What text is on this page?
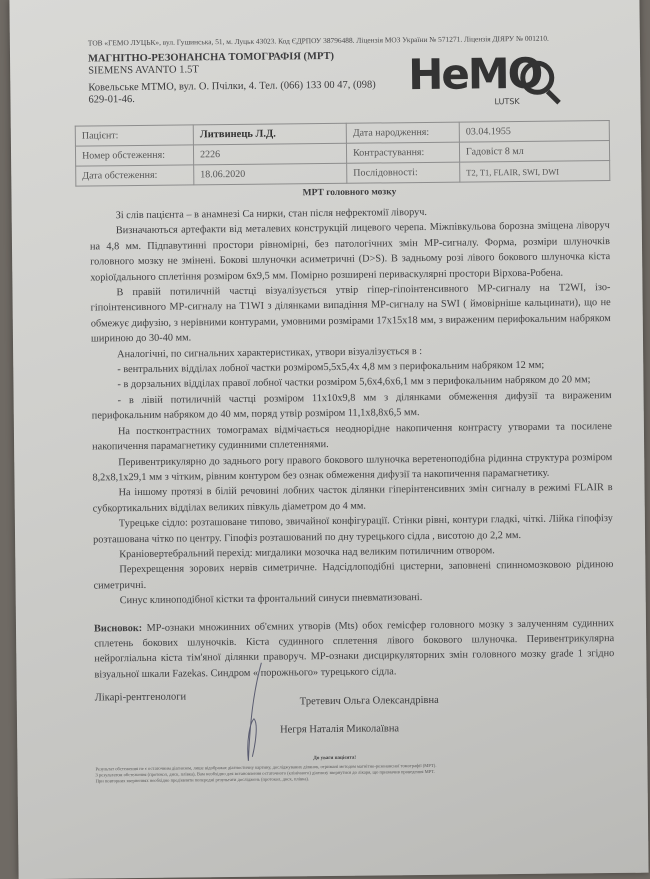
ТОВ «ГЕМО ЛУЦЬК», вул. Гушинська, 51, м. Луцьк 43023. Код ЄДРПОУ 38796488. Ліцензія МОЗ України № 571271. Ліцензія ДІЯРУ № 001210.
МАГНІТНО-РЕЗОНАНСНА ТОМОГРАФІЯ (МРТ)
SIEMENS AVANTO 1.5T
Ковельське МТМО, вул. О. Пчілки, 4. Тел. (066) 133 00 47, (098) 629-01-46.
НеМО
LUTSK
Пацієнт:	Литвинець Л.Д.	Дата народження:	03.04.1955
Номер обстеження:	2226	Контрастування:	Гадовіст 8 мл
Дата обстеження:	18.06.2020	Послідовності:	T2, T1, FLAIR, SWI, DWI
МРТ головного мозку

Зі слів пацієнта – в анамнезі Са нирки, стан після нефректомії ліворуч.

Визначаються артефакти від металевих конструкцій лицевого черепа. Міжпівкульова борозна зміщена ліворуч на 4,8 мм. Підпавутинні простори рівномірні, без патологічних змін МР-сигналу. Форма, розміри шлуночків головного мозку не змінені. Бокові шлуночки асиметричні (D>S). В задньому розі лівого бокового шлуночка кіста хоріоїдального сплетіння розміром 6х9,5 мм. Помірно розширені периваскулярні простори Вірхова-Робена.

В правій потиличній частці візуалізується утвір гіпер-гіпоінтенсивного МР-сигналу на T2WI, ізо-гіпоінтенсивного МР-сигналу на T1WI з ділянками випадіння МР-сигналу на SWI ( ймовірніше кальцинати), що не обмежує дифузію, з нерівними контурами, умовними розмірами 17х15х18 мм, з вираженим перифокальним набряком шириною до 30-40 мм.

Аналогічні, по сигнальних характеристиках, утвори візуалізується в :

- вентральних відділах лобної частки розміром5,5х5,4х 4,8 мм з перифокальним набряком 12 мм;

- в дорзальних відділах правої лобної частки розміром 5,6х4,6х6,1 мм з перифокальним набряком до 20 мм;

- в лівій потиличній частці розміром 11х10х9,8 мм з ділянками обмеження дифузії та вираженим перифокальним набряком до 40 мм, поряд утвір розміром 11,1х8,8х6,5 мм.

На постконтрастних томограмах відмічається неоднорідне накопичення контрасту утворами та посилене накопичення парамагнетику судинними сплетеннями.

Перивентрикулярно до заднього рогу правого бокового шлуночка веретеноподібна рідинна структура розміром 8,2х8,1х29,1 мм з чітким, рівним контуром без ознак обмеження дифузії та накопичення парамагнетику.

На іншому протязі в білій речовині лобних часток ділянки гіперінтенсивних змін сигналу в режимі FLAIR в субкортикальних відділах великих півкуль діаметром до 4 мм.

Турецьке сідло: розташоване типово, звичайної конфігурації. Стінки рівні, контури гладкі, чіткі. Лійка гіпофізу розташована чітко по центру. Гіпофіз розташований по дну турецького сідла , висотою до 2,2 мм.

Краніовертебральний перехід: мигдалики мозочка над великим потиличним отвором.

Перехрещення зорових нервів симетричне. Надсідлоподібні цистерни, заповнені спинномозковою рідиною симетричні.

Синус клиноподібної кістки та фронтальний синуси пневматизовані.

Висновок: МР-ознаки множинних об'ємних утворів (Mts) обох гемісфер головного мозку з залученням судинних сплетень бокових шлуночків. Кіста судинного сплетення лівого бокового шлуночка. Перивентрикулярна нейрогліальна кіста тім'яної ділянки праворуч. МР-ознаки дисциркуляторних змін головного мозку grade 1 згідно візуальної шкали Fazekas. Синдром « порожнього» турецького сідла.

Лікарі-рентгенологи	Третевич Ольга Олександрівна
Негря Наталія Миколаївна
До уваги пацієнта!
Результат обстеження не є остаточним діагнозом, лише відображає діагностичну картину, досліджуваних ділянок, отримані методом магнітно-резонансної томографії (МРТ).
З результатом обстеження (протокол, диск, плівка), Вам необхідно для встановлення остаточного (клінічного) діагнозу звернутися до лікаря, що призначив проведення МРТ.
При повторних зверненнях необхідно пред'являти попередні результати досліджень (протокол, диск, плівка).
